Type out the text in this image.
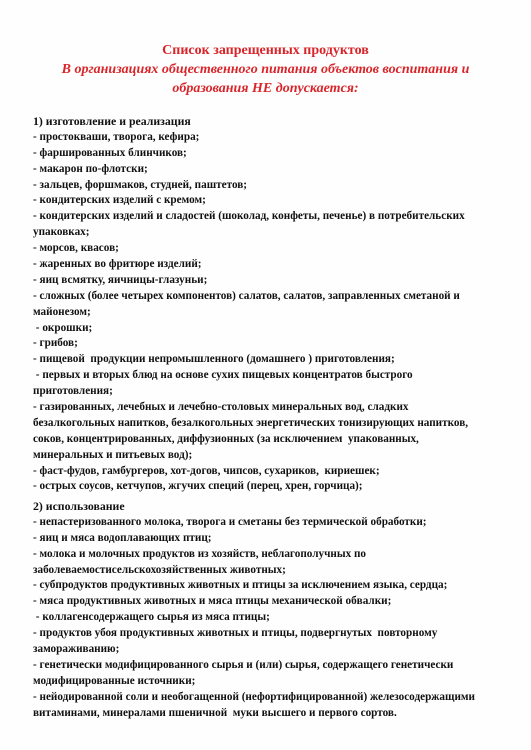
Список запрещенных продуктов
В организациях общественного питания объектов воспитания и образования НЕ допускается:
1) изготовление и реализация
- простокваши, творога, кефира;
- фаршированных блинчиков;
- макарон по-флотски;
- зальцев, форшмаков, студней, паштетов;
- кондитерских изделий с кремом;
- кондитерских изделий и сладостей (шоколад, конфеты, печенье) в потребительских
упаковках;
- морсов, квасов;
- жаренных во фритюре изделий;
- яиц всмятку, яичницы-глазуньи;
- сложных (более четырех компонентов) салатов, салатов, заправленных сметаной и
майонезом;
- окрошки;
- грибов;
- пищевой  продукции непромышленного (домашнего ) приготовления;
- первых и вторых блюд на основе сухих пищевых концентратов быстрого
приготовления;
- газированных, лечебных и лечебно-столовых минеральных вод, сладких
безалкогольных напитков, безалкогольных энергетических тонизирующих напитков,
соков, концентрированных, диффузионных (за исключением  упакованных,
минеральных и питьевых вод);
- фаст-фудов, гамбургеров, хот-догов, чипсов, сухариков,  кириешек;
- острых соусов, кетчупов, жгучих специй (перец, хрен, горчица);
2) использование
- непастеризованного молока, творога и сметаны без термической обработки;
- яиц и мяса водоплавающих птиц;
- молока и молочных продуктов из хозяйств, неблагополучных по
заболеваемостисельскохозяйственных животных;
- субпродуктов продуктивных животных и птицы за исключением языка, сердца;
- мяса продуктивных животных и мяса птицы механической обвалки;
- коллагенсодержащего сырья из мяса птицы;
- продуктов убоя продуктивных животных и птицы, подвергнутых  повторному
замораживанию;
- генетически модифицированного сырья и (или) сырья, содержащего генетически
модифицированные источники;
- нейодированной соли и необогащенной (нефортифицированной) железосодержащими
витаминами, минералами пшеничной  муки высшего и первого сортов.
